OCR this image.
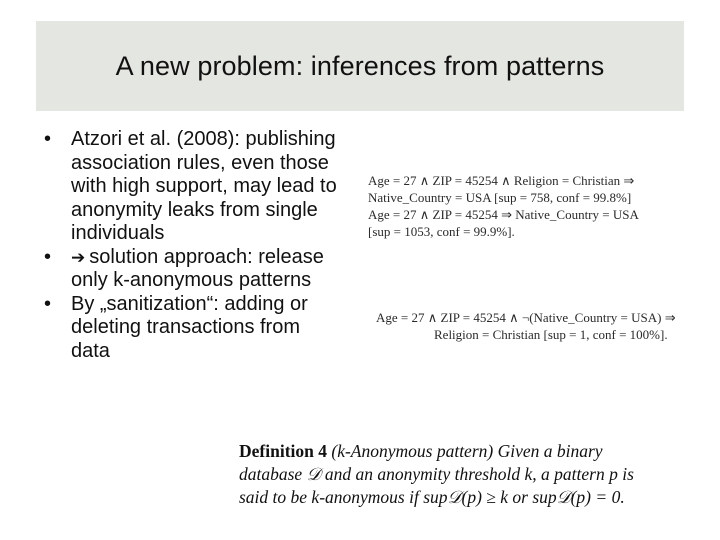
A new problem: inferences from patterns
• Atzori et al. (2008): publishing association rules, even those with high support, may lead to anonymity leaks from single individuals
•	➔ solution approach: release only k-anonymous patterns
• By „sanitization“: adding or deleting transactions from data
Age = 27 ∧ ZIP = 45254 ∧ Religion = Christian ⇒
Native_Country = USA [sup = 758, conf = 99.8%]
Age = 27 ∧ ZIP = 45254 ⇒ Native_Country = USA
[sup = 1053, conf = 99.9%].
Age = 27 ∧ ZIP = 45254 ∧ ¬(Native_Country = USA) ⇒
Religion = Christian [sup = 1, conf = 100%].
Definition 4 (k-Anonymous pattern) Given a binary
database 𝒟 and an anonymity threshold k, a pattern p is
said to be k-anonymous if sup𝒟(p) ≥ k or sup𝒟(p) = 0.
